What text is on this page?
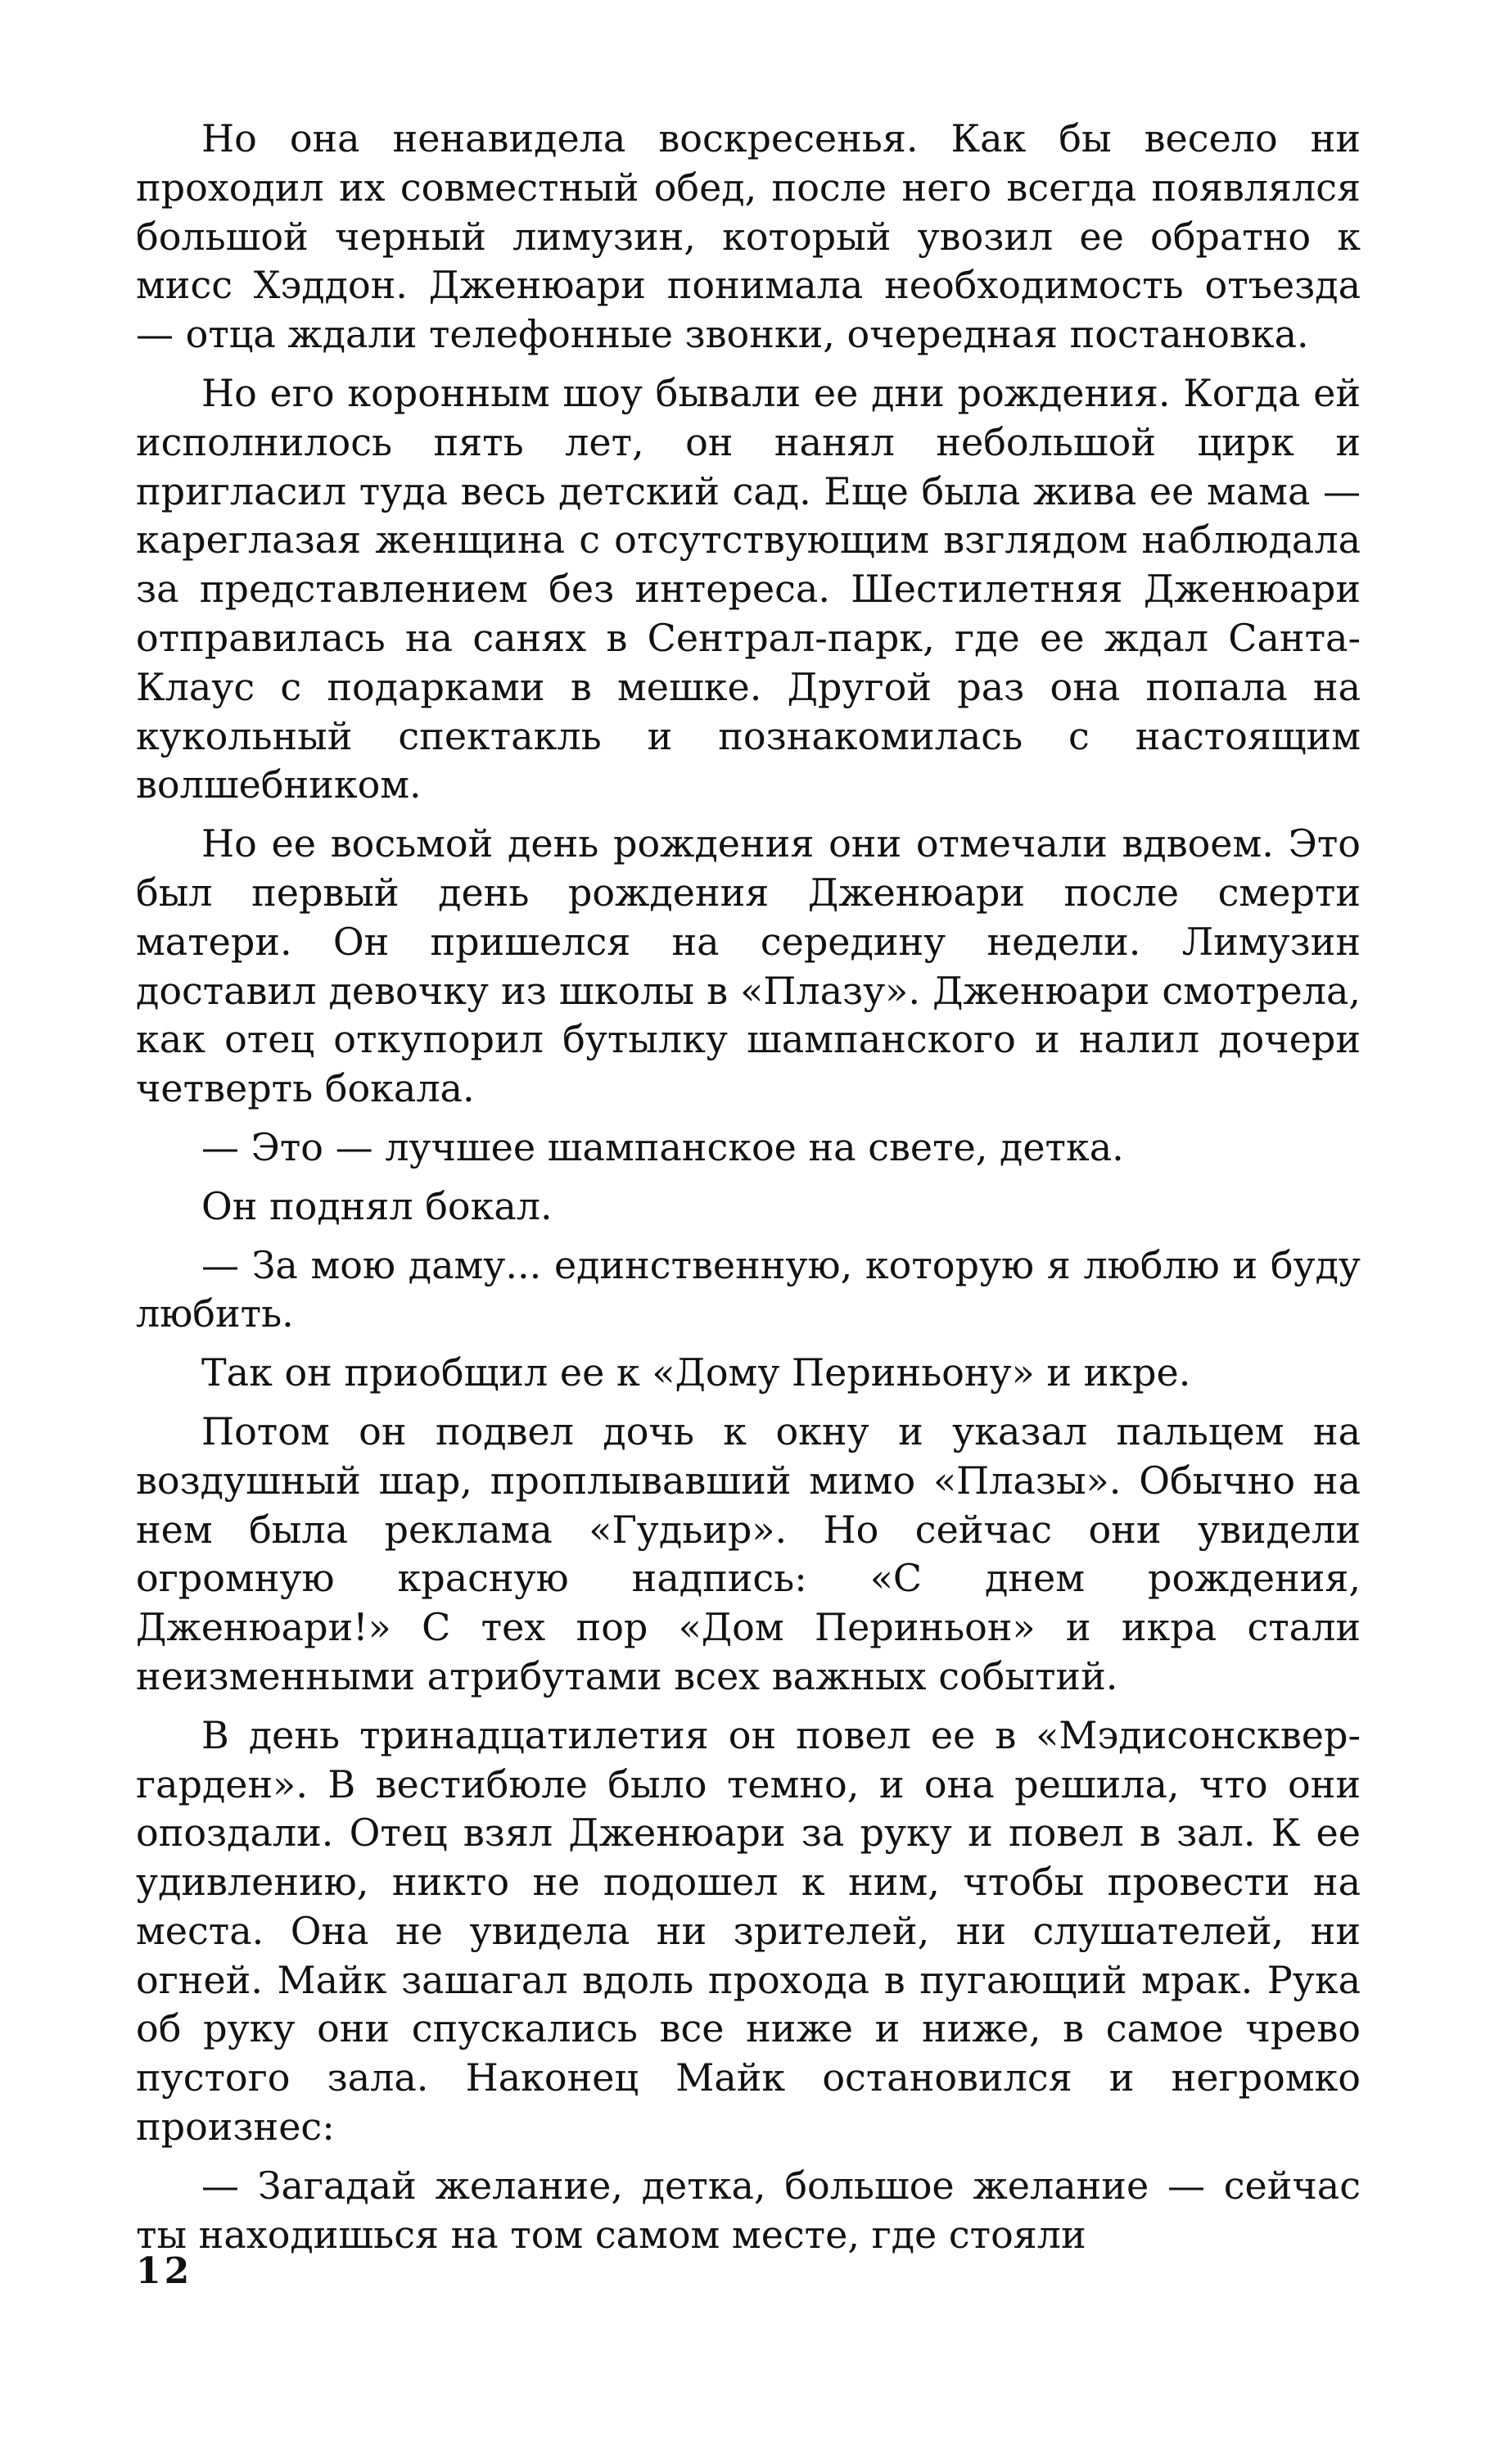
Но она ненавидела воскресенья. Как бы весело ни проходил их совместный обед, после него всегда появлялся большой черный лимузин, который увозил ее обратно к мисс Хэддон. Дженюари понимала необходимость отъезда — отца ждали телефонные звонки, очередная постановка.

Но его коронным шоу бывали ее дни рождения. Когда ей исполнилось пять лет, он нанял небольшой цирк и пригласил туда весь детский сад. Еще была жива ее мама — кареглазая женщина с отсутствующим взглядом наблюдала за представлением без интереса. Шестилетняя Дженюари отправилась на санях в Сентрал-парк, где ее ждал Санта-Клаус с подарками в мешке. Другой раз она попала на кукольный спектакль и познакомилась с настоящим волшебником.

Но ее восьмой день рождения они отмечали вдвоем. Это был первый день рождения Дженюари после смерти матери. Он пришелся на середину недели. Лимузин доставил девочку из школы в «Плазу». Дженюари смотрела, как отец откупорил бутылку шампанского и налил дочери четверть бокала.

— Это — лучшее шампанское на свете, детка.

Он поднял бокал.

— За мою даму... единственную, которую я люблю и буду любить.

Так он приобщил ее к «Дому Периньону» и икре.

Потом он подвел дочь к окну и указал пальцем на воздушный шар, проплывавший мимо «Плазы». Обычно на нем была реклама «Гудьир». Но сейчас они увидели огромную красную надпись: «С днем рождения, Дженюари!» С тех пор «Дом Периньон» и икра стали неизменными атрибутами всех важных событий.

В день тринадцатилетия он повел ее в «Мэдисонсквер-гарден». В вестибюле было темно, и она решила, что они опоздали. Отец взял Дженюари за руку и повел в зал. К ее удивлению, никто не подошел к ним, чтобы провести на места. Она не увидела ни зрителей, ни слушателей, ни огней. Майк зашагал вдоль прохода в пугающий мрак. Рука об руку они спускались все ниже и ниже, в самое чрево пустого зала. Наконец Майк остановился и негромко произнес:

— Загадай желание, детка, большое желание — сейчас ты находишься на том самом месте, где стояли

12
